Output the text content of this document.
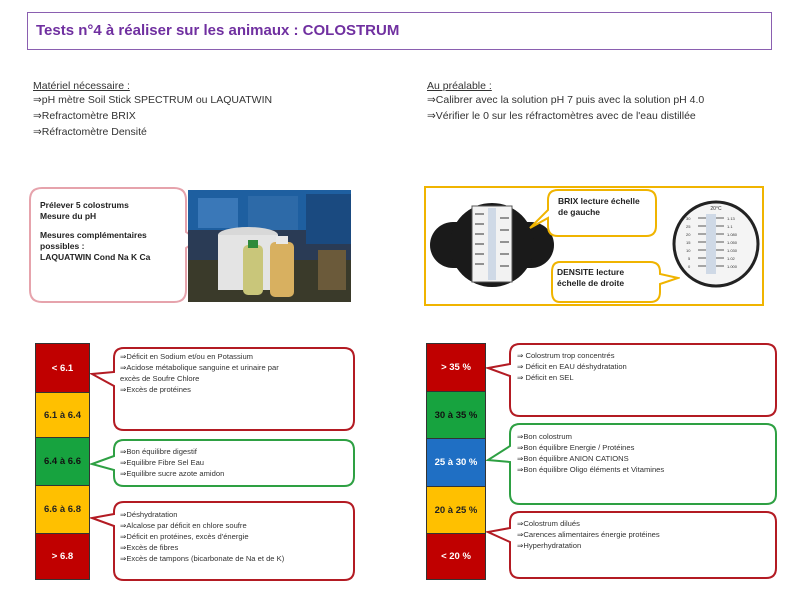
Tests n°4 à réaliser sur les animaux : COLOSTRUM
Matériel nécessaire :
⇒pH mètre Soil Stick SPECTRUM ou LAQUATWIN
⇒Refractomètre BRIX
⇒Réfractomètre Densité
Au préalable :
⇒Calibrer avec la solution pH 7 puis avec la solution pH 4.0
⇒Vérifier le 0 sur les réfractomètres avec de l'eau distillée
Prélever 5 colostrums
Mesure du pH
Mesures complémentaires
possibles :
LAQUATWIN Cond Na K Ca
BRIX lecture échelle
de gauche
DENSITE lecture
échelle de droite
20°C
30
25
20
15
10
5
0
1.13
1.1
1.080
1.050
1.030
1.02
1.000
< 6.1
6.1 à 6.4
6.4 à 6.6
6.6 à 6.8
> 6.8
⇒Déficit en Sodium et/ou en Potassium
⇒Acidose métabolique sanguine et urinaire par
excès de Soufre Chlore
⇒Excès de protéines
⇒Bon équilibre digestif
⇒Equilibre Fibre Sel Eau
⇒Equilibre sucre azote amidon
⇒Déshydratation
⇒Alcalose par déficit en chlore soufre
⇒Déficit en protéines, excès d'énergie
⇒Excès de fibres
⇒Excès de tampons (bicarbonate de Na et de K)
> 35 %
30 à 35 %
25 à 30 %
20 à 25 %
< 20 %
⇒ Colostrum trop concentrés
⇒ Déficit en EAU déshydratation
⇒ Déficit en SEL
⇒Bon colostrum
⇒Bon équilibre Energie / Protéines
⇒Bon équilibre ANION CATIONS
⇒Bon équilibre Oligo éléments et Vitamines
⇒Colostrum dilués
⇒Carences alimentaires énergie protéines
⇒Hyperhydratation
